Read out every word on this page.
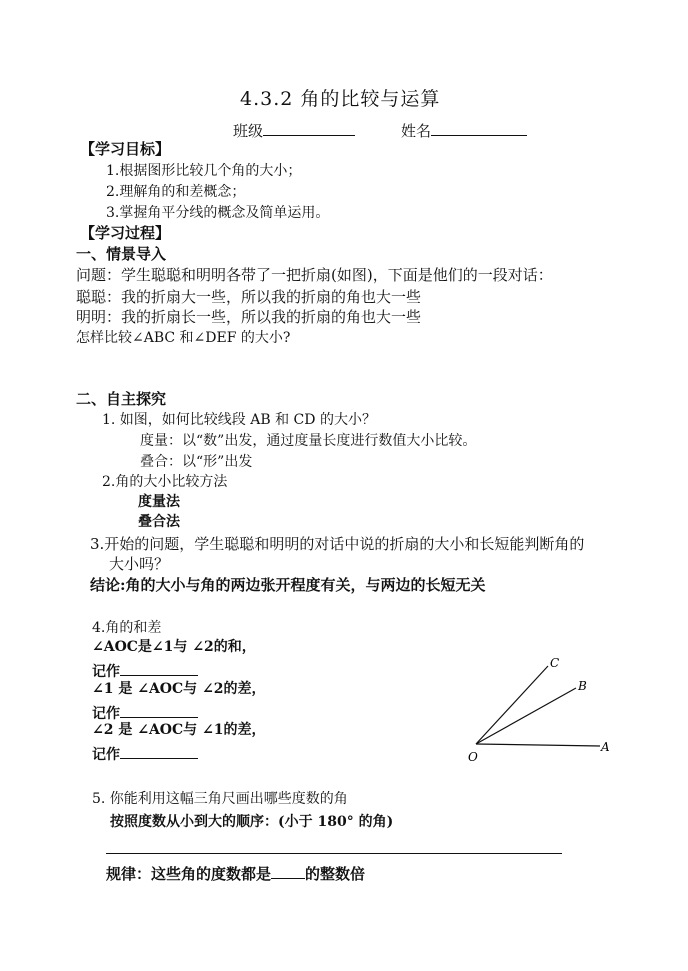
4.3.2 角的比较与运算
班级	姓名
【学习目标】
1.根据图形比较几个角的大小；
2.理解角的和差概念；
3.掌握角平分线的概念及简单运用。
【学习过程】
一、情景导入
问题：学生聪聪和明明各带了一把折扇(如图)，下面是他们的一段对话：
聪聪：我的折扇大一些，所以我的折扇的角也大一些
明明：我的折扇长一些，所以我的折扇的角也大一些
怎样比较∠ABC 和∠DEF 的大小?
二、自主探究
1. 如图，如何比较线段 AB 和 CD 的大小？
度量：以“数”出发，通过度量长度进行数值大小比较。
叠合：以“形”出发
2.角的大小比较方法
度量法
叠合法
3.开始的问题，学生聪聪和明明的对话中说的折扇的大小和长短能判断角的
大小吗？
结论:角的大小与角的两边张开程度有关，与两边的长短无关
4.角的和差
∠AOC是∠1与 ∠2的和，
记作
∠1 是 ∠AOC与 ∠2的差，
记作
∠2 是 ∠AOC与 ∠1的差，
记作	O
A
B
C
5. 你能利用这幅三角尺画出哪些度数的角
按照度数从小到大的顺序：(小于 180° 的角)
规律：这些角的度数都是 的整数倍
